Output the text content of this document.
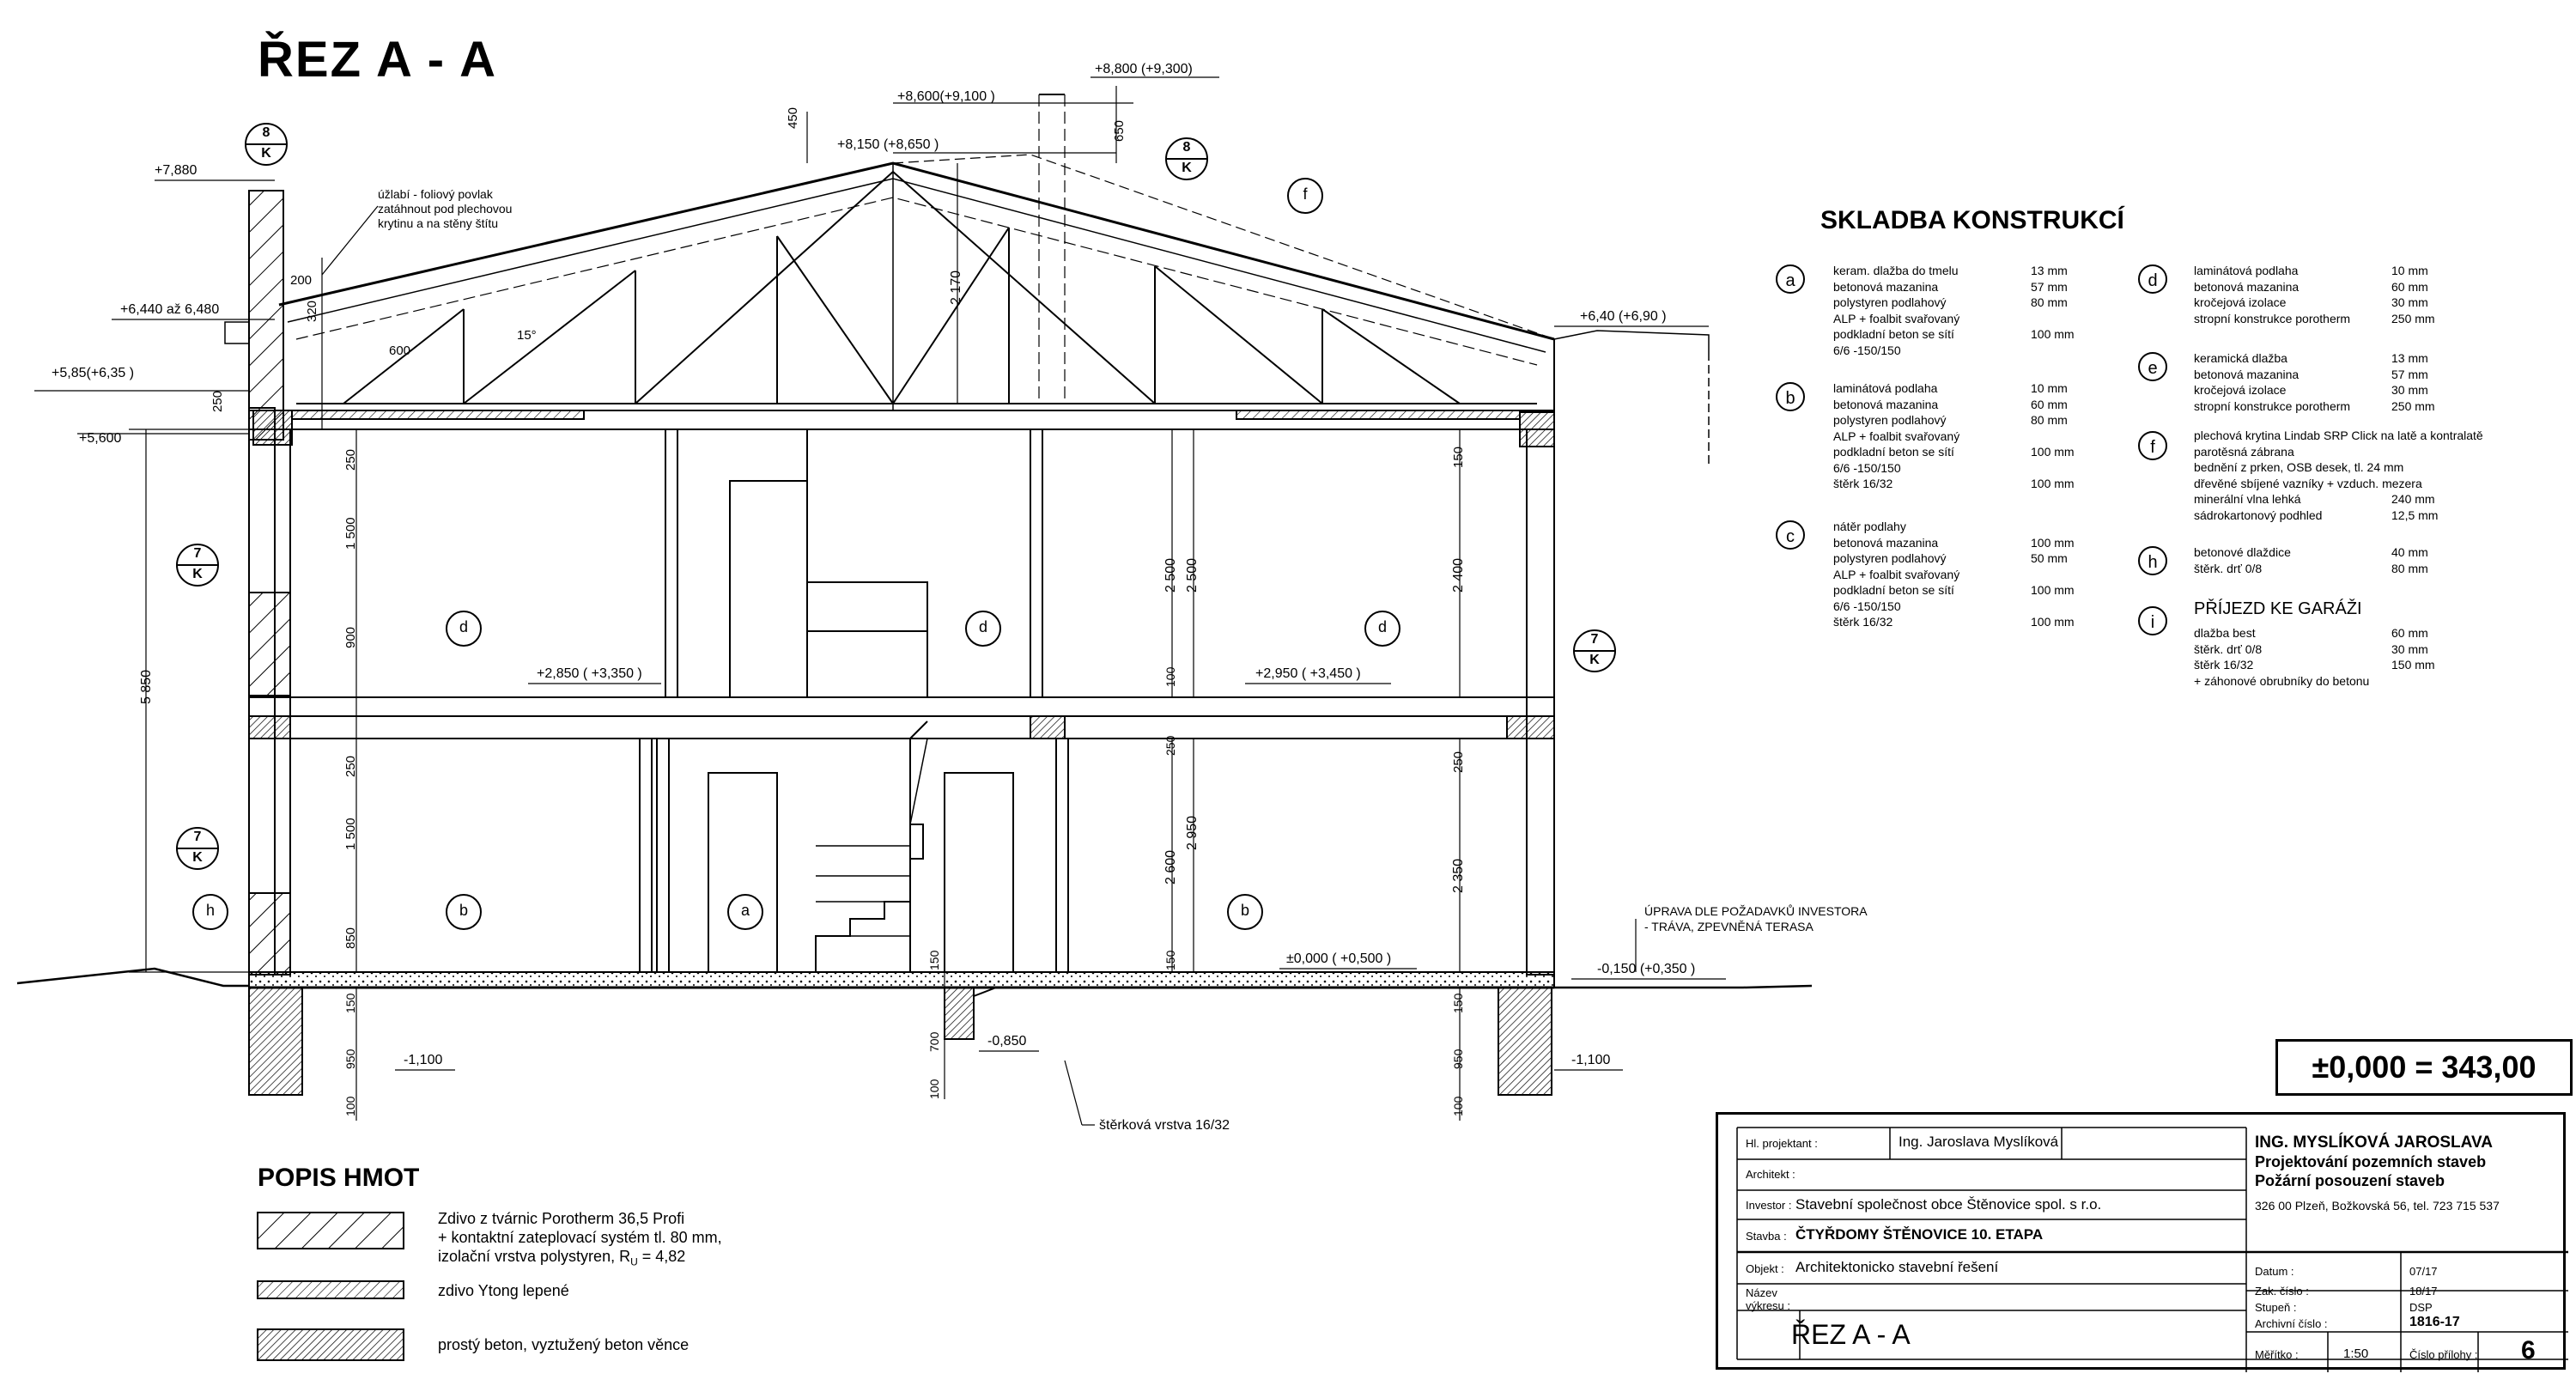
ŘEZ A - A
8
K	8
K
7
K
7
K
7
K
f
d	d	d
h	b	a	b
+8,600(+9,100 )
+8,800 (+9,300)
+8,150 (+8,650 )
+7,880
+6,440 až 6,480
+5,85(+6,35 )
+5,600
+6,40 (+6,90 )
+2,850 ( +3,350 )	+2,950 ( +3,450 )
±0,000 ( +0,500 )
-0,150 (+0,350 )
-1,100
-0,850
-1,100
450
650
200
320
600
15°
2 170
250
250
1 500
900
5 850
250
1 500
850
150
950
100
2 500 2 500
100
250
2 600
2 950
150
150
2 400
250
2 350
150
950
100
150
700
100
úžlabí - foliový povlak
zatáhnout pod plechovou
krytinu a na stěny štítu
štěrková vrstva 16/32
ÚPRAVA DLE POŽADAVKŮ INVESTORA
- TRÁVA, ZPEVNĚNÁ TERASA
SKLADBA KONSTRUKCÍ
a
keram. dlažba do tmelu	13 mm
betonová mazanina	57 mm
polystyren podlahový	80 mm
ALP + foalbit svařovaný
podkladní beton se sítí	100 mm
6/6 -150/150
b
laminátová podlaha	10 mm
betonová mazanina	60 mm
polystyren podlahový	80 mm
ALP + foalbit svařovaný
podkladní beton se sítí	100 mm
6/6 -150/150
štěrk 16/32	100 mm
c
nátěr podlahy
betonová mazanina	100 mm
polystyren podlahový	50 mm
ALP + foalbit svařovaný
podkladní beton se sítí	100 mm
6/6 -150/150
štěrk 16/32	100 mm
d
laminátová podlaha	10 mm
betonová mazanina	60 mm
kročejová izolace	30 mm
stropní konstrukce porotherm	250 mm
e
keramická dlažba	13 mm
betonová mazanina	57 mm
kročejová izolace	30 mm
stropní konstrukce porotherm	250 mm
f
plechová krytina Lindab SRP Click na latě a kontralatě
parotěsná zábrana
bednění z prken, OSB desek, tl. 24 mm
dřevěné sbíjené vazníky + vzduch. mezera
minerální vlna lehká	240 mm
sádrokartonový podhled	12,5 mm
h
betonové dlaždice	40 mm
štěrk. drť 0/8	80 mm
i
PŘÍJEZD KE GARÁŽI
dlažba best	60 mm
štěrk. drť 0/8	30 mm
štěrk 16/32	150 mm
+ záhonové obrubníky do betonu
±0,000 = 343,00
POPIS HMOT
Zdivo z tvárnic Porotherm 36,5 Profi
+ kontaktní zateplovací systém tl. 80 mm,
izolační vrstva polystyren, $R_U = 4,82$
zdivo Ytong lepené
prostý beton, vyztužený beton věnce
Hl. projektant :	Ing. Jaroslava Myslíková
Architekt :
Investor : Stavební společnost obce Štěnovice spol. s r.o.
Stavba : ČTYŘDOMY ŠTĚNOVICE 10. ETAPA
Objekt : Architektonicko stavební řešení
Název
výkresu :
ŘEZ A - A
ING. MYSLÍKOVÁ JAROSLAVA
Projektování pozemních staveb
Požární posouzení staveb
326 00 Plzeň, Božkovská 56, tel. 723 715 537
Datum :	07/17
Zak. číslo :	18/17
Stupeň :	DSP
Archivní číslo :	1816-17
Měřítko :	1:50	Číslo přílohy : 6
